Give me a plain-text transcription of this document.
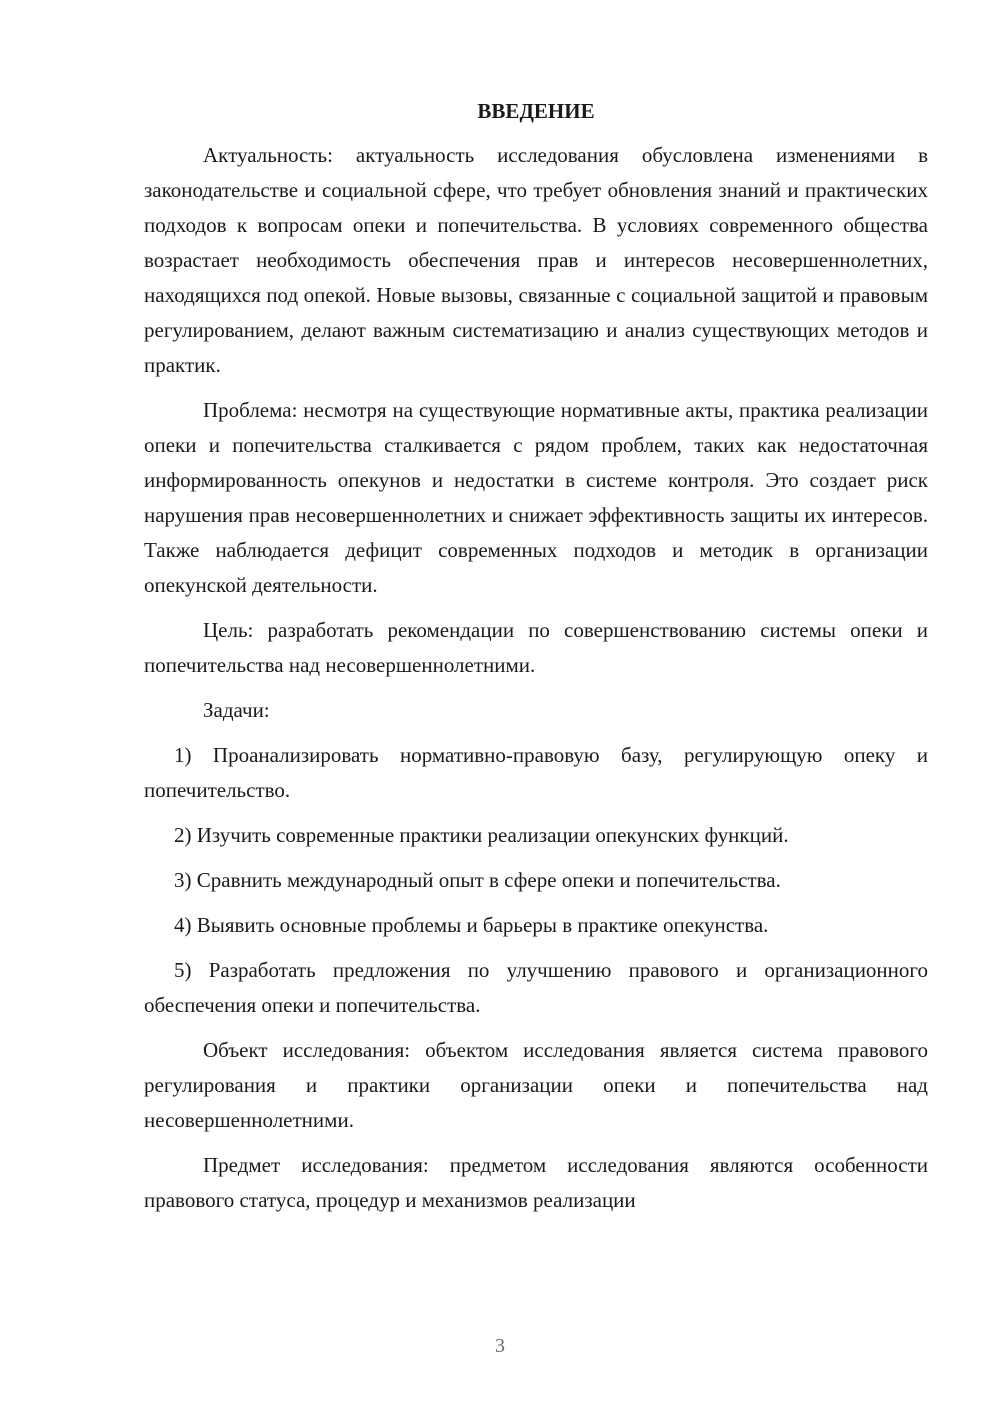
ВВЕДЕНИЕ

Актуальность: актуальность исследования обусловлена изменениями в законодательстве и социальной сфере, что требует обновления знаний и практических подходов к вопросам опеки и попечительства. В условиях современного общества возрастает необходимость обеспечения прав и интересов несовершеннолетних, находящихся под опекой. Новые вызовы, связанные с социальной защитой и правовым регулированием, делают важным систематизацию и анализ существующих методов и практик.

Проблема: несмотря на существующие нормативные акты, практика реализации опеки и попечительства сталкивается с рядом проблем, таких как недостаточная информированность опекунов и недостатки в системе контроля. Это создает риск нарушения прав несовершеннолетних и снижает эффективность защиты их интересов. Также наблюдается дефицит современных подходов и методик в организации опекунской деятельности.

Цель: разработать рекомендации по совершенствованию системы опеки и попечительства над несовершеннолетними.

Задачи:

1) Проанализировать нормативно-правовую базу, регулирующую опеку и попечительство.

2) Изучить современные практики реализации опекунских функций.

3) Сравнить международный опыт в сфере опеки и попечительства.

4) Выявить основные проблемы и барьеры в практике опекунства.

5) Разработать предложения по улучшению правового и организационного обеспечения опеки и попечительства.

Объект исследования: объектом исследования является система правового регулирования и практики организации опеки и попечительства над несовершеннолетними.

Предмет исследования: предметом исследования являются особенности правового статуса, процедур и механизмов реализации

3
